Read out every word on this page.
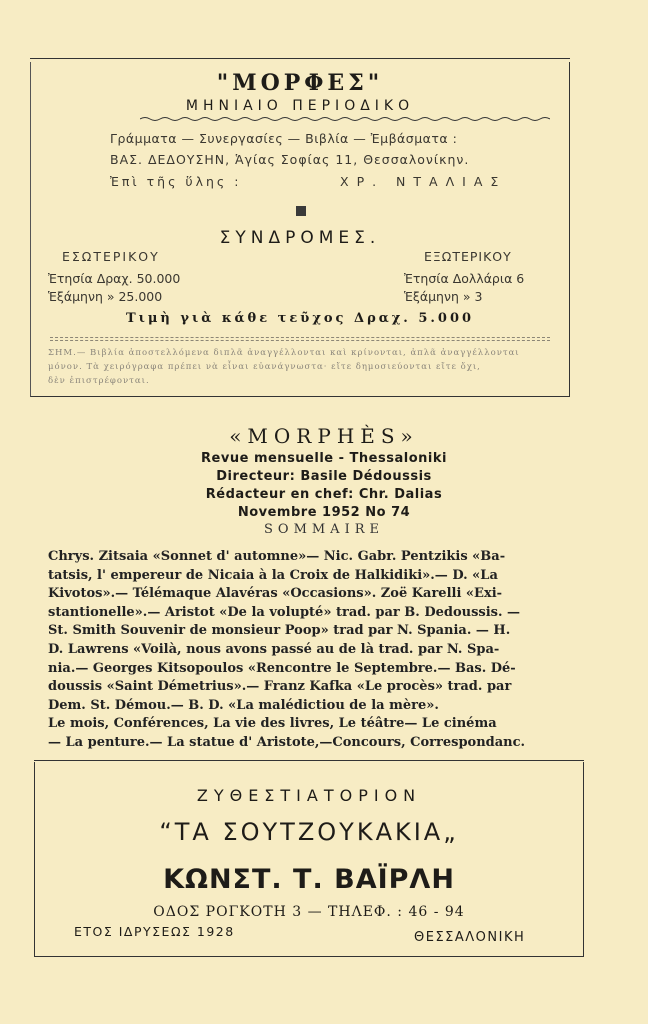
"ΜΟΡΦΕΣ"
ΜΗΝΙΑΙΟ ΠΕΡΙΟΔΙΚΟ
Γράμματα — Συνεργασίες — Βιβλία — Ἐμβάσματα :
ΒΑΣ. ΔΕΔΟΥΣΗΝ, Ἁγίας Σοφίας 11, Θεσσαλονίκην.
Ἐπὶ τῆς ὕλης :	ΧΡ. ΝΤΑΛΙΑΣ
ΣΥΝΔΡΟΜΕΣ.
ΕΣΩΤΕΡΙΚΟΥ
Ἐτησία Δραχ. 50.000
Ἑξάμηνη » 25.000
ΕΞΩΤΕΡΙΚΟΥ
Ἐτησία Δολλάρια 6
Ἑξάμηνη » 3
Τιμὴ γιὰ κάθε τεῦχος Δραχ. 5.000
ΣΗΜ.— Βιβλία ἀποστελλόμενα διπλᾶ ἀναγγέλλονται καὶ κρίνονται, ἁπλᾶ ἀναγγέλλονται
μόνον. Τὰ χειρόγραφα πρέπει νὰ εἶναι εὐανάγνωστα· εἴτε δημοσιεύονται εἴτε ὄχι,
δὲν ἐπιστρέφονται.
«MORPHÈS»
Revue mensuelle - Thessaloniki
Directeur: Basile Dédoussis
Rédacteur en chef: Chr. Dalias
Novembre 1952 No 74
SOMMAIRE

Chrys. Zitsaia «Sonnet d' automne»— Nic. Gabr. Pentzikis «Ba-

tatsis, l' empereur de Nicaia à la Croix de Halkidiki».— D. «La

Kivotos».— Télémaque Alavéras «Occasions». Zoë Karelli «Exi-

stantionelle».— Aristot «De la volupté» trad. par B. Dedoussis. —

St. Smith Souvenir de monsieur Poop» trad par N. Spania. — H.

D. Lawrens «Voilà, nous avons passé au de là trad. par N. Spa-

nia.— Georges Kitsopoulos «Rencontre le Septembre.— Bas. Dé-

doussis «Saint Démetrius».— Franz Kafka «Le procès» trad. par

Dem. St. Démou.— B. D. «La malédictiou de la mère».

Le mois, Conférences, La vie des livres, Le téâtre— Le cinéma

— La penture.— La statue d' Aristote,—Concours, Correspondanc.

ΖΥΘΕΣΤΙΑΤΟΡΙΟΝ
“ΤΑ ΣΟΥΤΖΟΥΚΑΚΙΑ„
ΚΩΝΣΤ. Τ. ΒΑΪΡΛΗ
ΟΔΟΣ ΡΟΓΚΟΤΗ 3 — ΤΗΛΕΦ. : 46 - 94
ΕΤΟΣ ΙΔΡΥΣΕΩΣ 1928	ΘΕΣΣΑΛΟΝΙΚΗ
